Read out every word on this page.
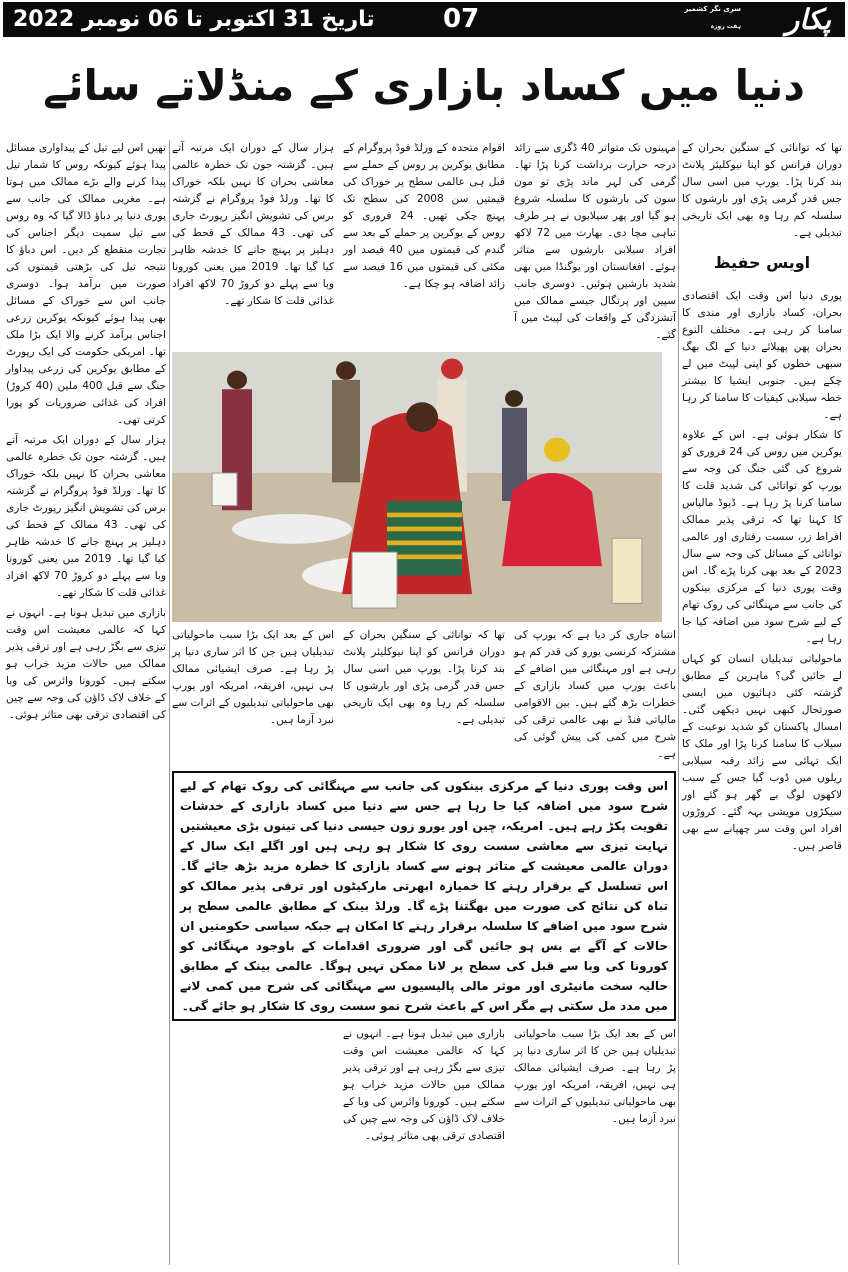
تاریخ 31 اکتوبر تا 06 نومبر 2022	07	پکار
سری نگر کشمیر
ہفت روزہ
دنیا میں کساد بازاری کے منڈلاتے سائے

تھا کہ توانائی کے سنگین بحران کے دوران فرانس کو اپنا نیوکلیئر پلانٹ بند کرنا پڑا۔ یورپ میں اسی سال جس قدر گرمی پڑی اور بارشوں کا سلسلہ کم رہا وہ بھی ایک تاریخی تبدیلی ہے۔

اویس حفیظ

پوری دنیا اس وقت ایک اقتصادی بحران، کساد بازاری اور مندی کا سامنا کر رہی ہے۔ مختلف النوع بحران پھن پھیلائے دنیا کے لگ بھگ سبھی خطوں کو اپنی لپیٹ میں لے چکے ہیں۔ جنوبی ایشیا کا بیشتر خطہ سیلابی کیفیات کا سامنا کر رہا ہے۔

کا شکار ہوئی ہے۔ اس کے علاوہ یوکرین میں روس کی 24 فروری کو شروع کی گئی جنگ کی وجہ سے یورپ کو توانائی کی شدید قلت کا سامنا کرنا پڑ رہا ہے۔ ڈیوڈ مالپاس کا کہنا تھا کہ ترقی پذیر ممالک افراط زر، سست رفتاری اور عالمی توانائی کے مسائل کی وجہ سے سال 2023 کے بعد بھی کرنا پڑے گا۔ اس وقت پوری دنیا کے مرکزی بینکوں کی جانب سے مہنگائی کی روک تھام کے لیے شرح سود میں اضافہ کیا جا رہا ہے۔

ماحولیاتی تبدیلیاں انسان کو کہاں لے جائیں گی؟ ماہرین کے مطابق گزشتہ کئی دہائیوں میں ایسی صورتحال کبھی نہیں دیکھی گئی۔ امسال پاکستان کو شدید نوعیت کے سیلاب کا سامنا کرنا پڑا اور ملک کا ایک تہائی سے زائد رقبہ سیلابی ریلوں میں ڈوب گیا جس کے سبب لاکھوں لوگ بے گھر ہو گئے اور سیکڑوں مویشی بہہ گئے۔ کروڑوں افراد اس وقت سر چھپانے سے بھی قاصر ہیں۔

تھیں اس لیے تیل کے پیداواری مسائل پیدا ہوئے کیونکہ روس کا شمار تیل پیدا کرنے والے بڑے ممالک میں ہوتا ہے۔ مغربی ممالک کی جانب سے پوری دنیا پر دباؤ ڈالا گیا کہ وہ روس سے تیل سمیت دیگر اجناس کی تجارت منقطع کر دیں۔ اس دباؤ کا نتیجہ تیل کی بڑھتی قیمتوں کی صورت میں برآمد ہوا۔ دوسری جانب اس سے خوراک کے مسائل بھی پیدا ہوئے کیونکہ یوکرین زرعی اجناس برآمد کرنے والا ایک بڑا ملک تھا۔ امریکی حکومت کی ایک رپورٹ کے مطابق یوکرین کی زرعی پیداوار جنگ سے قبل 400 ملین (40 کروڑ) افراد کی غذائی ضروریات کو پورا کرتی تھی۔

ہزار سال کے دوران ایک مرتبہ آتے ہیں۔ گزشتہ جون تک خطرہ عالمی معاشی بحران کا نہیں بلکہ خوراک کا تھا۔ ورلڈ فوڈ پروگرام نے گزشتہ برس کی تشویش انگیز رپورٹ جاری کی تھی۔ 43 ممالک کے قحط کی دہلیز پر پہنچ جانے کا خدشہ ظاہر کیا گیا تھا۔ 2019 میں یعنی کورونا وبا سے پہلے دو کروڑ 70 لاکھ افراد غذائی قلت کا شکار تھے۔

بازاری میں تبدیل ہونا ہے۔ انہوں نے کہا کہ عالمی معیشت اس وقت تیزی سے بگڑ رہی ہے اور ترقی پذیر ممالک میں حالات مزید خراب ہو سکتے ہیں۔ کورونا وائرس کی وبا کے خلاف لاک ڈاؤن کی وجہ سے چین کی اقتصادی ترقی بھی متاثر ہوئی۔

مہینوں تک متواتر 40 ڈگری سے زائد درجہ حرارت برداشت کرنا پڑا تھا۔ گرمی کی لہر ماند پڑی تو مون سون کی بارشوں کا سلسلہ شروع ہو گیا اور پھر سیلابوں نے ہر طرف تباہی مچا دی۔ بھارت میں 72 لاکھ افراد سیلابی بارشوں سے متاثر ہوئے۔ افغانستان اور یوگنڈا میں بھی شدید بارشیں ہوئیں۔ دوسری جانب سپین اور پرتگال جیسے ممالک میں آتشزدگی کے واقعات کی لپیٹ میں آ گئے۔

اقوام متحدہ کے ورلڈ فوڈ پروگرام کے مطابق یوکرین پر روس کے حملے سے قبل ہی عالمی سطح پر خوراک کی قیمتیں سن 2008 کی سطح تک پہنچ چکی تھیں۔ 24 فروری کو روس کے یوکرین پر حملے کے بعد سے گندم کی قیمتوں میں 40 فیصد اور مکئی کی قیمتوں میں 16 فیصد سے زائد اضافہ ہو چکا ہے۔

ہزار سال کے دوران ایک مرتبہ آتے ہیں۔ گزشتہ جون تک خطرہ عالمی معاشی بحران کا نہیں بلکہ خوراک کا تھا۔ ورلڈ فوڈ پروگرام نے گزشتہ برس کی تشویش انگیز رپورٹ جاری کی تھی۔ 43 ممالک کے قحط کی دہلیز پر پہنچ جانے کا خدشہ ظاہر کیا گیا تھا۔ 2019 میں یعنی کورونا وبا سے پہلے دو کروڑ 70 لاکھ افراد غذائی قلت کا شکار تھے۔

انتباہ جاری کر دیا ہے کہ یورپ کی مشترکہ کرنسی یورو کی قدر کم ہو رہی ہے اور مہنگائی میں اضافے کے باعث یورپ میں کساد بازاری کے خطرات بڑھ گئے ہیں۔ بین الاقوامی مالیاتی فنڈ نے بھی عالمی ترقی کی شرح میں کمی کی پیش گوئی کی ہے۔

تھا کہ توانائی کے سنگین بحران کے دوران فرانس کو اپنا نیوکلیئر پلانٹ بند کرنا پڑا۔ یورپ میں اسی سال جس قدر گرمی پڑی اور بارشوں کا سلسلہ کم رہا وہ بھی ایک تاریخی تبدیلی ہے۔

اس کے بعد ایک بڑا سبب ماحولیاتی تبدیلیاں ہیں جن کا اثر ساری دنیا پر پڑ رہا ہے۔ صرف ایشیائی ممالک ہی نہیں، افریقہ، امریکہ اور یورپ بھی ماحولیاتی تبدیلیوں کے اثرات سے نبرد آزما ہیں۔

اس وقت پوری دنیا کے مرکزی بینکوں کی جانب سے مہنگائی کی روک تھام کے لیے شرح سود میں اضافہ کیا جا رہا ہے جس سے دنیا میں کساد بازاری کے خدشات تقویت پکڑ رہے ہیں۔ امریکہ، چین اور یورو زون جیسی دنیا کی تینوں بڑی معیشتیں نہایت تیزی سے معاشی سست روی کا شکار ہو رہی ہیں اور اگلے ایک سال کے دوران عالمی معیشت کے متاثر ہونے سے کساد بازاری کا خطرہ مزید بڑھ جائے گا۔ اس تسلسل کے برقرار رہنے کا خمیازہ ابھرتی مارکیٹوں اور ترقی پذیر ممالک کو تباہ کن نتائج کی صورت میں بھگتنا پڑے گا۔ ورلڈ بینک کے مطابق عالمی سطح پر شرح سود میں اضافے کا سلسلہ برقرار رہنے کا امکان ہے جبکہ سیاسی حکومتیں ان حالات کے آگے بے بس ہو جائیں گی اور ضروری اقدامات کے باوجود مہنگائی کو کورونا کی وبا سے قبل کی سطح پر لانا ممکن نہیں ہوگا۔ عالمی بینک کے مطابق حالیہ سخت مانیٹری اور موثر مالی پالیسیوں سے مہنگائی کی شرح میں کمی لانے میں مدد مل سکتی ہے مگر اس کے باعث شرح نمو سست روی کا شکار ہو جائے گی۔

اس کے بعد ایک بڑا سبب ماحولیاتی تبدیلیاں ہیں جن کا اثر ساری دنیا پر پڑ رہا ہے۔ صرف ایشیائی ممالک ہی نہیں، افریقہ، امریکہ اور یورپ بھی ماحولیاتی تبدیلیوں کے اثرات سے نبرد آزما ہیں۔

بازاری میں تبدیل ہونا ہے۔ انہوں نے کہا کہ عالمی معیشت اس وقت تیزی سے بگڑ رہی ہے اور ترقی پذیر ممالک میں حالات مزید خراب ہو سکتے ہیں۔ کورونا وائرس کی وبا کے خلاف لاک ڈاؤن کی وجہ سے چین کی اقتصادی ترقی بھی متاثر ہوئی۔
